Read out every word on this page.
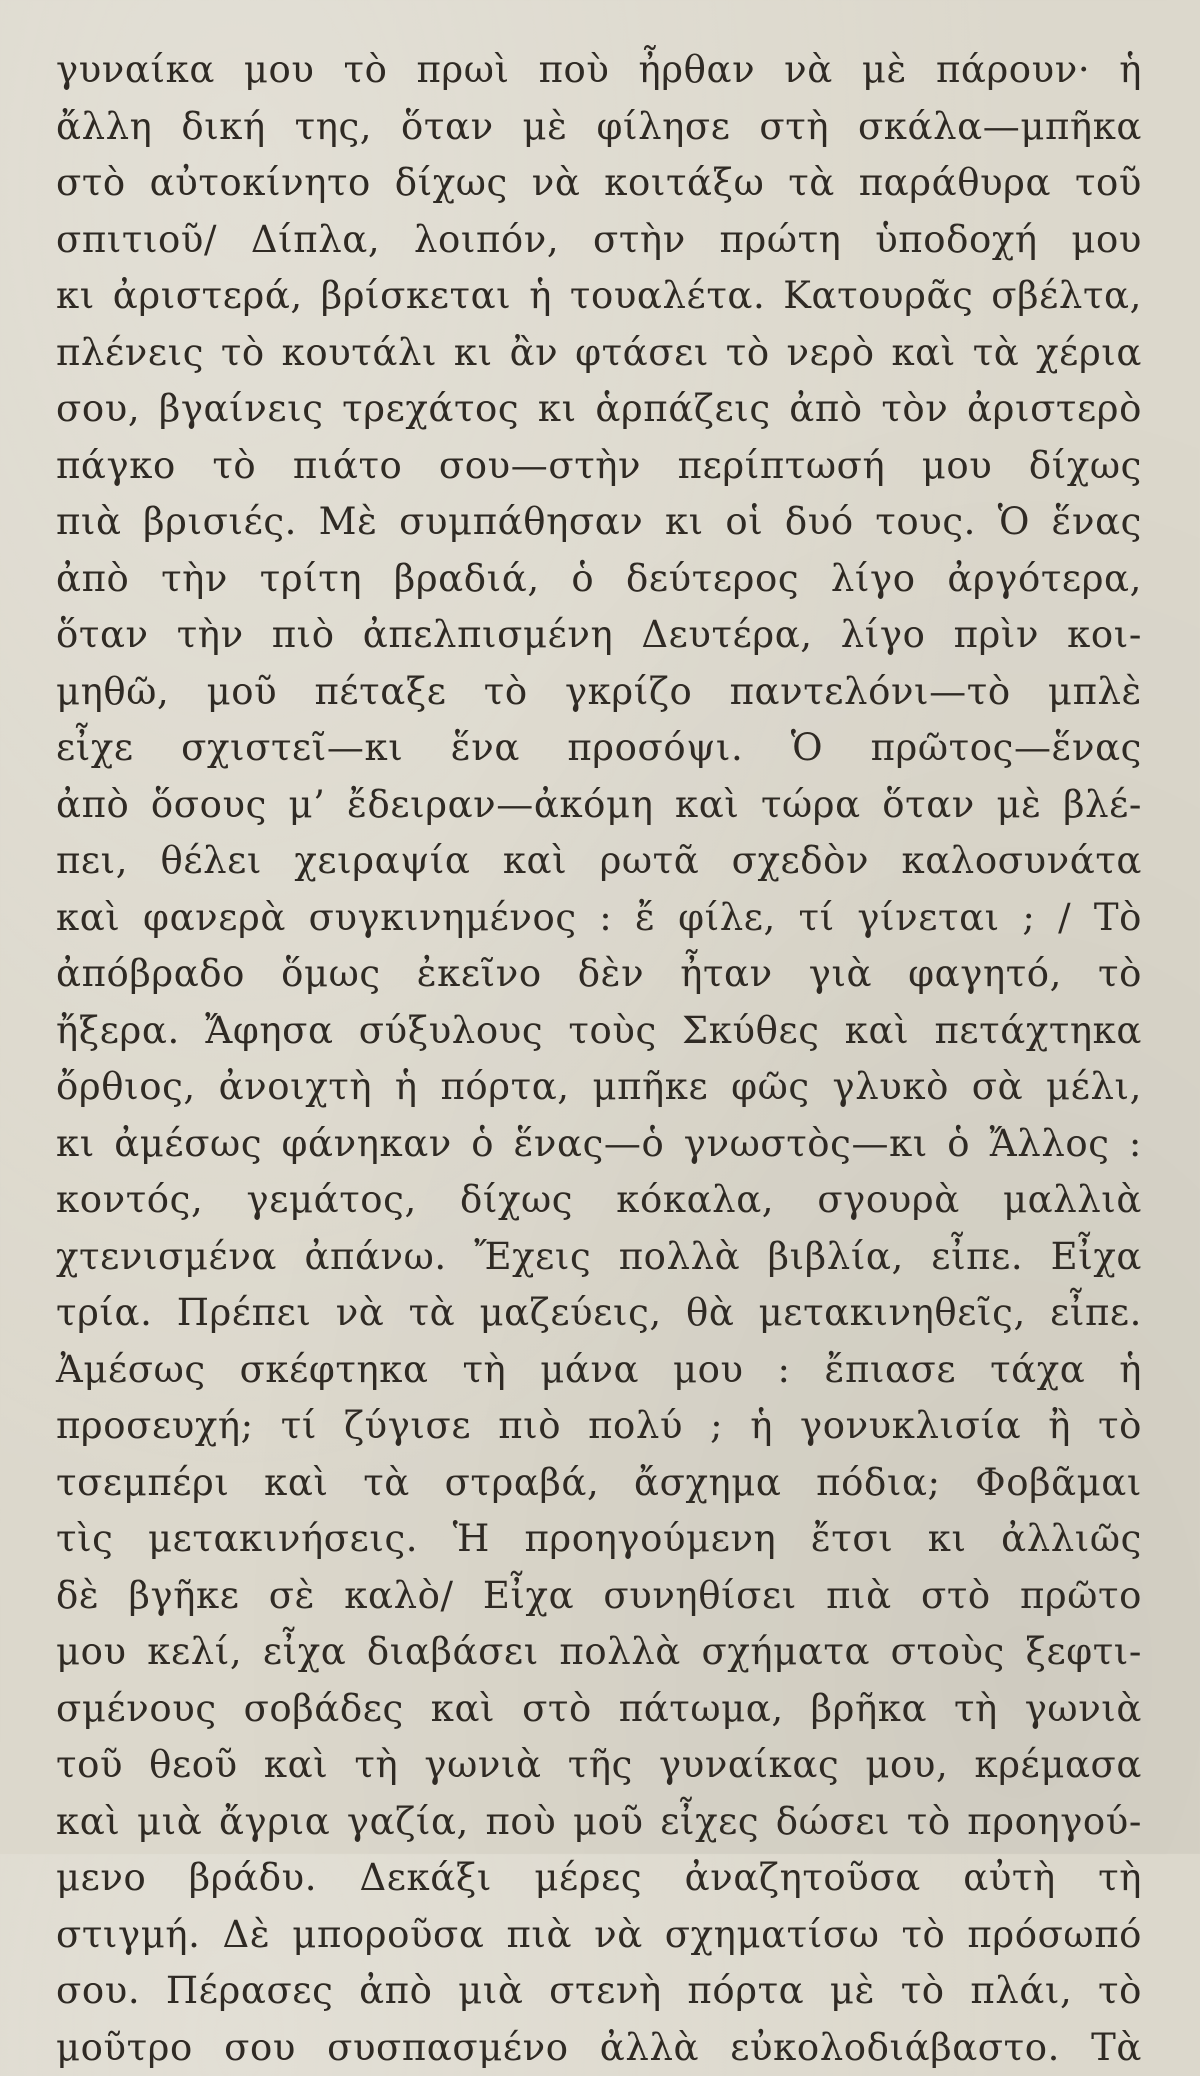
γυναίκα μου τὸ πρωὶ ποὺ ἦρθαν νὰ μὲ πάρουν· ἡ
ἄλλη δική της, ὅταν μὲ φίλησε στὴ σκάλα—μπῆκα
στὸ αὐτοκίνητο δίχως νὰ κοιτάξω τὰ παράθυρα τοῦ
σπιτιοῦ/ Δίπλα, λοιπόν, στὴν πρώτη ὑποδοχή μου
κι ἀριστερά, βρίσκεται ἡ τουαλέτα. Κατουρᾶς σβέλτα,
πλένεις τὸ κουτάλι κι ἂν φτάσει τὸ νερὸ καὶ τὰ χέρια
σου, βγαίνεις τρεχάτος κι ἁρπάζεις ἀπὸ τὸν ἀριστερὸ
πάγκο τὸ πιάτο σου—στὴν περίπτωσή μου δίχως
πιὰ βρισιές. Μὲ συμπάθησαν κι οἱ δυό τους. Ὁ ἕνας
ἀπὸ τὴν τρίτη βραδιά, ὁ δεύτερος λίγο ἀργότερα,
ὅταν τὴν πιὸ ἀπελπισμένη Δευτέρα, λίγο πρὶν κοι-
μηθῶ, μοῦ πέταξε τὸ γκρίζο παντελόνι—τὸ μπλὲ
εἶχε σχιστεῖ—κι ἕνα προσόψι. Ὁ πρῶτος—ἕνας
ἀπὸ ὅσους μ’ ἔδειραν—ἀκόμη καὶ τώρα ὅταν μὲ βλέ-
πει, θέλει χειραψία καὶ ρωτᾶ σχεδὸν καλοσυνάτα
καὶ φανερὰ συγκινημένος : ἔ φίλε, τί γίνεται ; / Τὸ
ἀπόβραδο ὅμως ἐκεῖνο δὲν ἦταν γιὰ φαγητό, τὸ
ἤξερα. Ἄφησα σύξυλους τοὺς Σκύθες καὶ πετάχτηκα
ὄρθιος, ἀνοιχτὴ ἡ πόρτα, μπῆκε φῶς γλυκὸ σὰ μέλι,
κι ἀμέσως φάνηκαν ὁ ἕνας—ὁ γνωστὸς—κι ὁ Ἄλλος :
κοντός, γεμάτος, δίχως κόκαλα, σγουρὰ μαλλιὰ
χτενισμένα ἀπάνω. Ἔχεις πολλὰ βιβλία, εἶπε. Εἶχα
τρία. Πρέπει νὰ τὰ μαζεύεις, θὰ μετακινηθεῖς, εἶπε.
Ἀμέσως σκέφτηκα τὴ μάνα μου : ἔπιασε τάχα ἡ
προσευχή; τί ζύγισε πιὸ πολύ ; ἡ γονυκλισία ἢ τὸ
τσεμπέρι καὶ τὰ στραβά, ἄσχημα πόδια; Φοβᾶμαι
τὶς μετακινήσεις. Ἡ προηγούμενη ἔτσι κι ἀλλιῶς
δὲ βγῆκε σὲ καλὸ/ Εἶχα συνηθίσει πιὰ στὸ πρῶτο
μου κελί, εἶχα διαβάσει πολλὰ σχήματα στοὺς ξεφτι-
σμένους σοβάδες καὶ στὸ πάτωμα, βρῆκα τὴ γωνιὰ
τοῦ θεοῦ καὶ τὴ γωνιὰ τῆς γυναίκας μου, κρέμασα
καὶ μιὰ ἄγρια γαζία, ποὺ μοῦ εἶχες δώσει τὸ προηγού-
μενο βράδυ. Δεκάξι μέρες ἀναζητοῦσα αὐτὴ τὴ
στιγμή. Δὲ μποροῦσα πιὰ νὰ σχηματίσω τὸ πρόσωπό
σου. Πέρασες ἀπὸ μιὰ στενὴ πόρτα μὲ τὸ πλάι, τὸ
μοῦτρο σου συσπασμένο ἀλλὰ εὐκολοδιάβαστο. Τὰ
